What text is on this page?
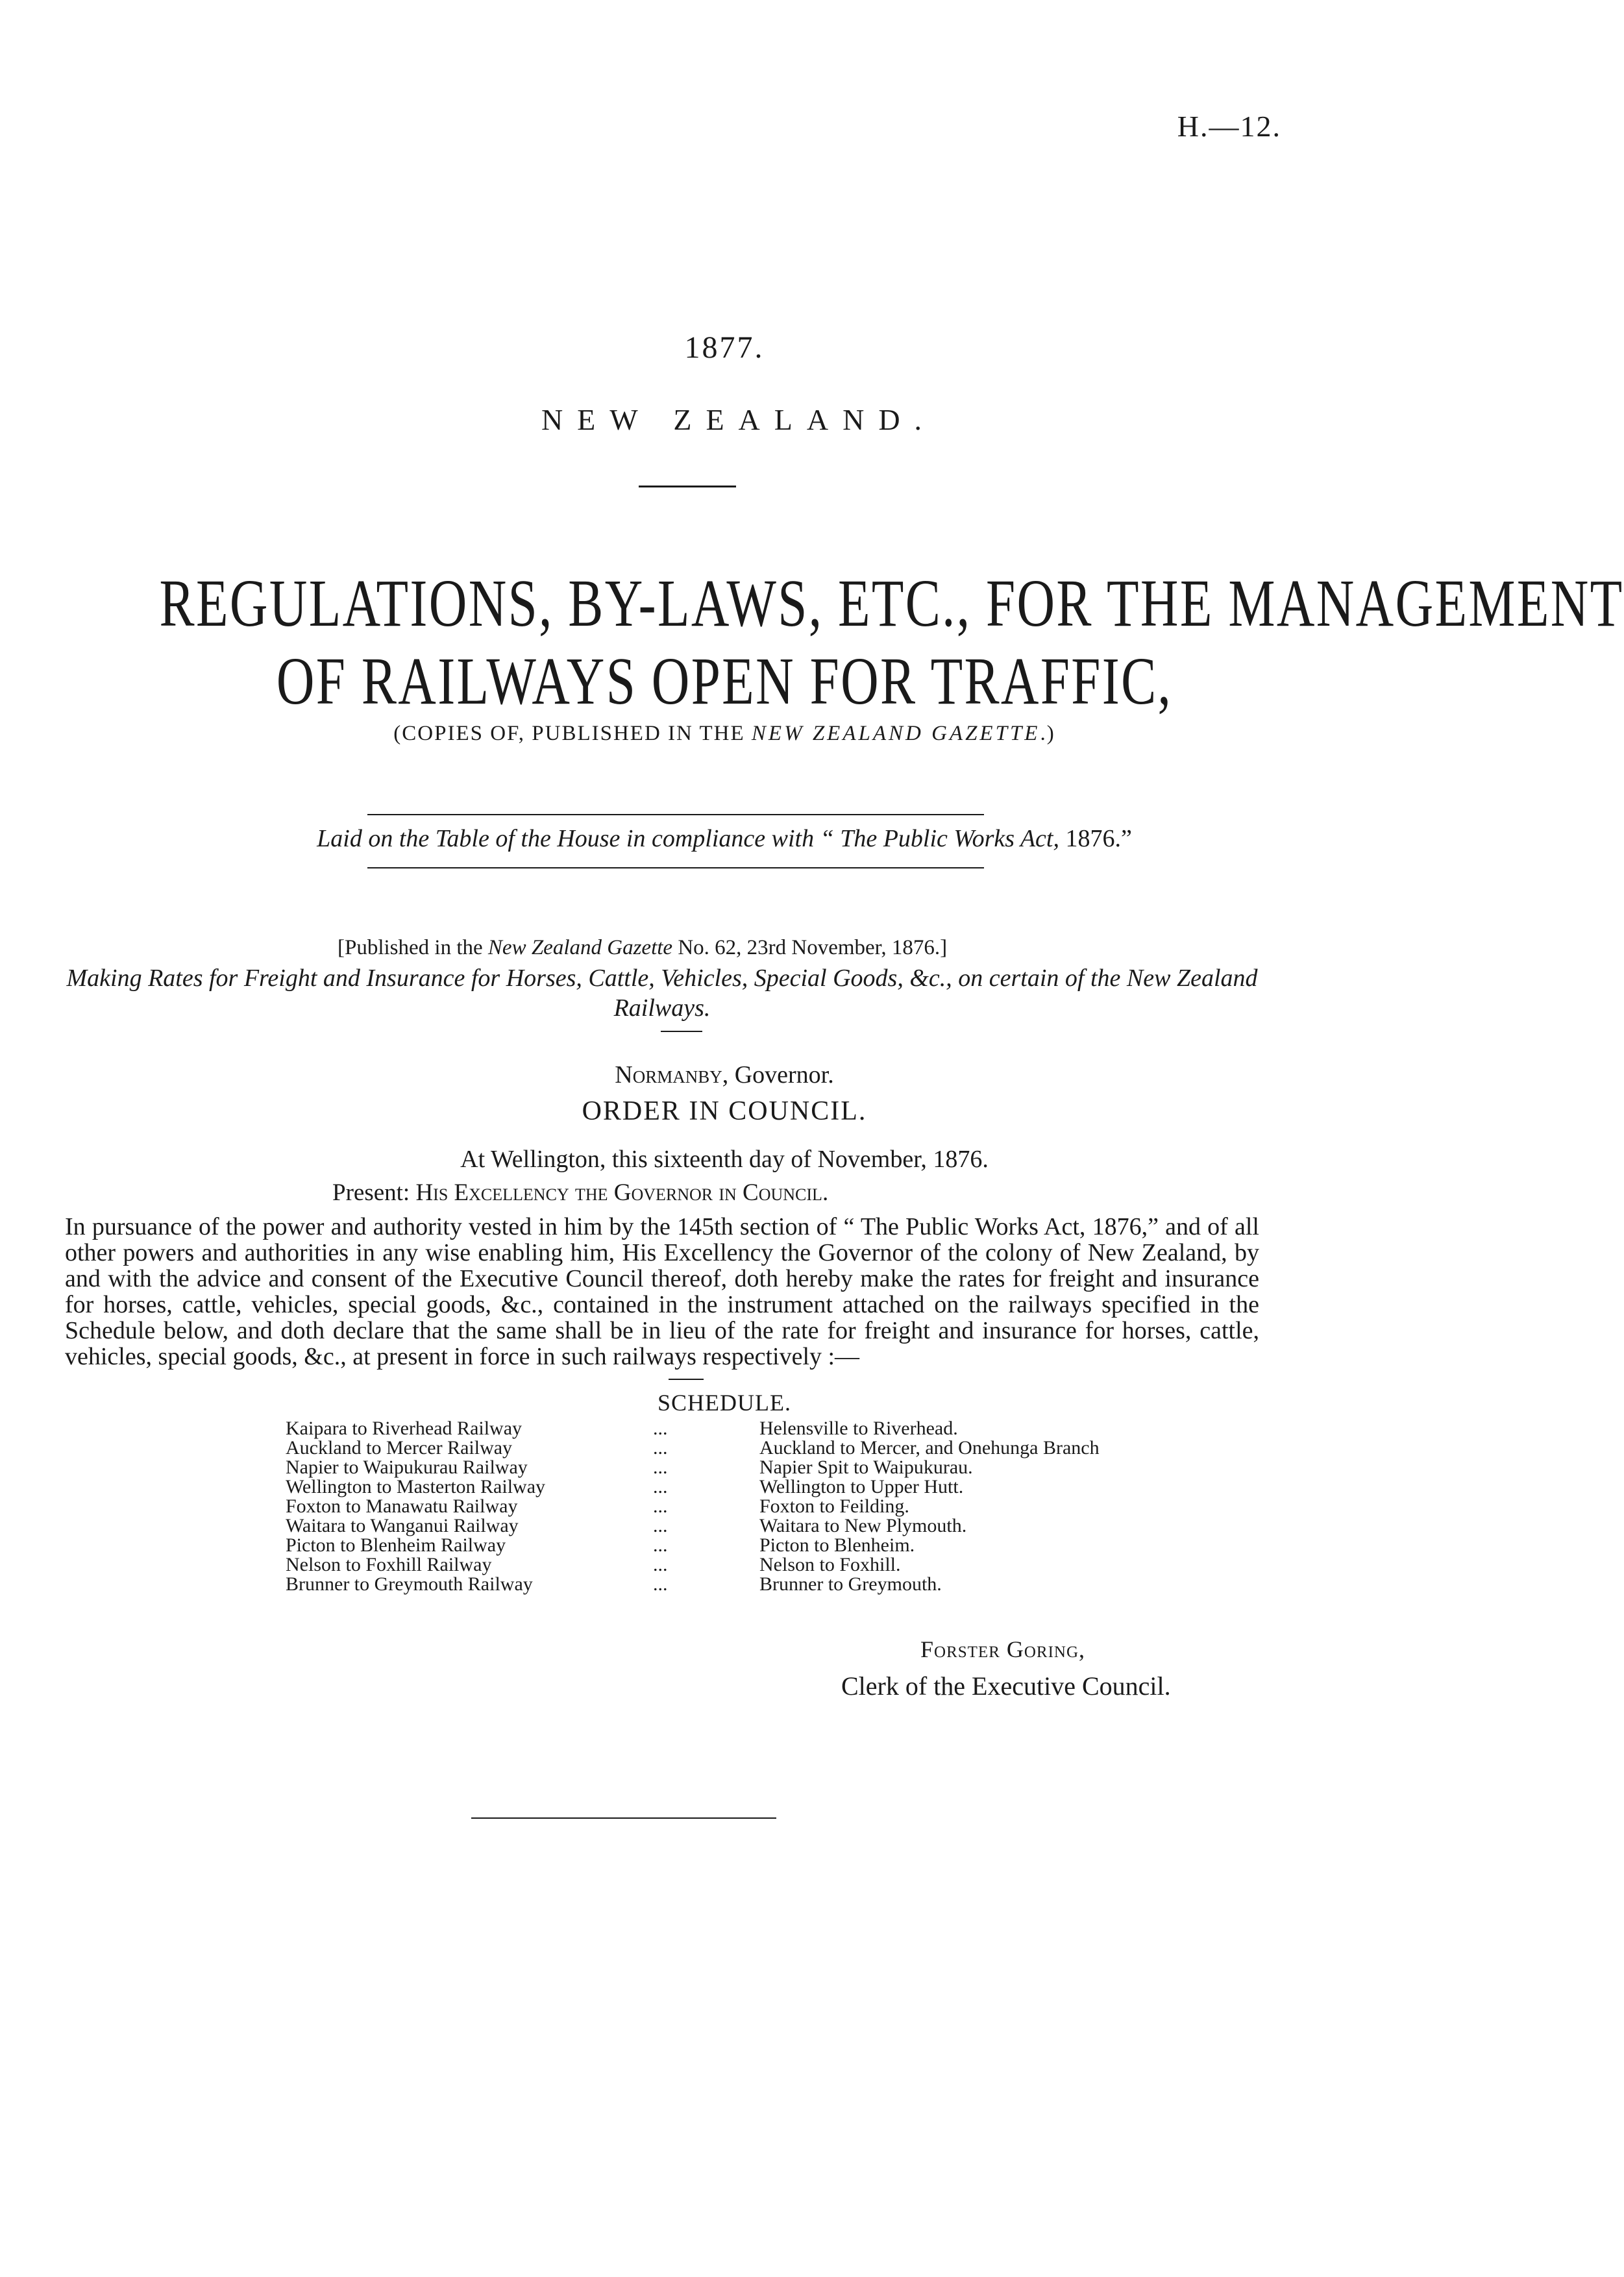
H.—12.
1877.
NEW ZEALAND.
REGULATIONS, BY-LAWS, ETC., FOR THE MANAGEMENT
OF RAILWAYS OPEN FOR TRAFFIC,
(COPIES OF, PUBLISHED IN THE NEW ZEALAND GAZETTE.)
Laid on the Table of the House in compliance with “ The Public Works Act, 1876.”
[Published in the New Zealand Gazette No. 62, 23rd November, 1876.]
Making Rates for Freight and Insurance for Horses, Cattle, Vehicles, Special Goods, &c., on certain of the New Zealand Railways.
Normanby, Governor.
ORDER IN COUNCIL.
At Wellington, this sixteenth day of November, 1876.
Present: His Excellency the Governor in Council.
In pursuance of the power and authority vested in him by the 145th section of “ The Public Works Act, 1876,” and of all other powers and authorities in any wise enabling him, His Excellency the Governor of the colony of New Zealand, by and with the advice and consent of the Executive Council thereof, doth hereby make the rates for freight and insurance for horses, cattle, vehicles, special goods, &c., contained in the instrument attached on the railways specified in the Schedule below, and doth declare that the same shall be in lieu of the rate for freight and insurance for horses, cattle, vehicles, special goods, &c., at present in force in such railways respectively :—
SCHEDULE.
Kaipara to Riverhead Railway	...	Helensville to Riverhead.
Auckland to Mercer Railway	...	Auckland to Mercer, and Onehunga Branch
Napier to Waipukurau Railway	...	Napier Spit to Waipukurau.
Wellington to Masterton Railway	...	Wellington to Upper Hutt.
Foxton to Manawatu Railway	...	Foxton to Feilding.
Waitara to Wanganui Railway	...	Waitara to New Plymouth.
Picton to Blenheim Railway	...	Picton to Blenheim.
Nelson to Foxhill Railway	...	Nelson to Foxhill.
Brunner to Greymouth Railway	...	Brunner to Greymouth.
Forster Goring,
Clerk of the Executive Council.
